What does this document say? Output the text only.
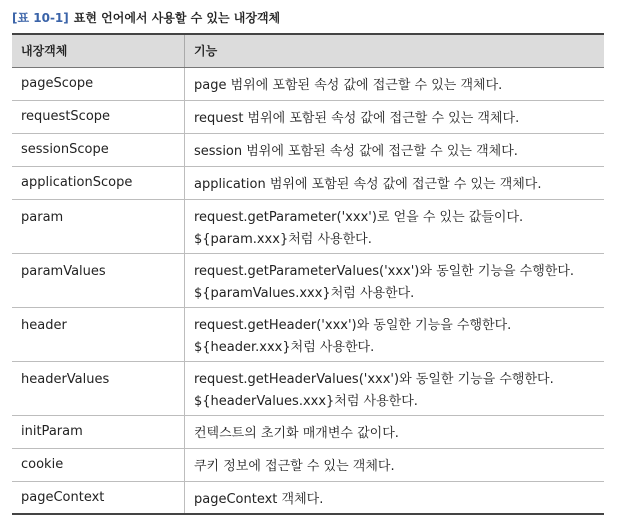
[표 10-1] 표현 언어에서 사용할 수 있는 내장객체
내장객체	기능
pageScope	page 범위에 포함된 속성 값에 접근할 수 있는 객체다.

requestScope	request 범위에 포함된 속성 값에 접근할 수 있는 객체다.

sessionScope	session 범위에 포함된 속성 값에 접근할 수 있는 객체다.

applicationScope	application 범위에 포함된 속성 값에 접근할 수 있는 객체다.

param	request.getParameter('xxx')로 얻을 수 있는 값들이다.
${param.xxx}처럼 사용한다.

paramValues	request.getParameterValues('xxx')와 동일한 기능을 수행한다.
${paramValues.xxx}처럼 사용한다.

header	request.getHeader('xxx')와 동일한 기능을 수행한다.
${header.xxx}처럼 사용한다.

headerValues	request.getHeaderValues('xxx')와 동일한 기능을 수행한다.
${headerValues.xxx}처럼 사용한다.

initParam	컨텍스트의 초기화 매개변수 값이다.

cookie	쿠키 정보에 접근할 수 있는 객체다.

pageContext	pageContext 객체다.
